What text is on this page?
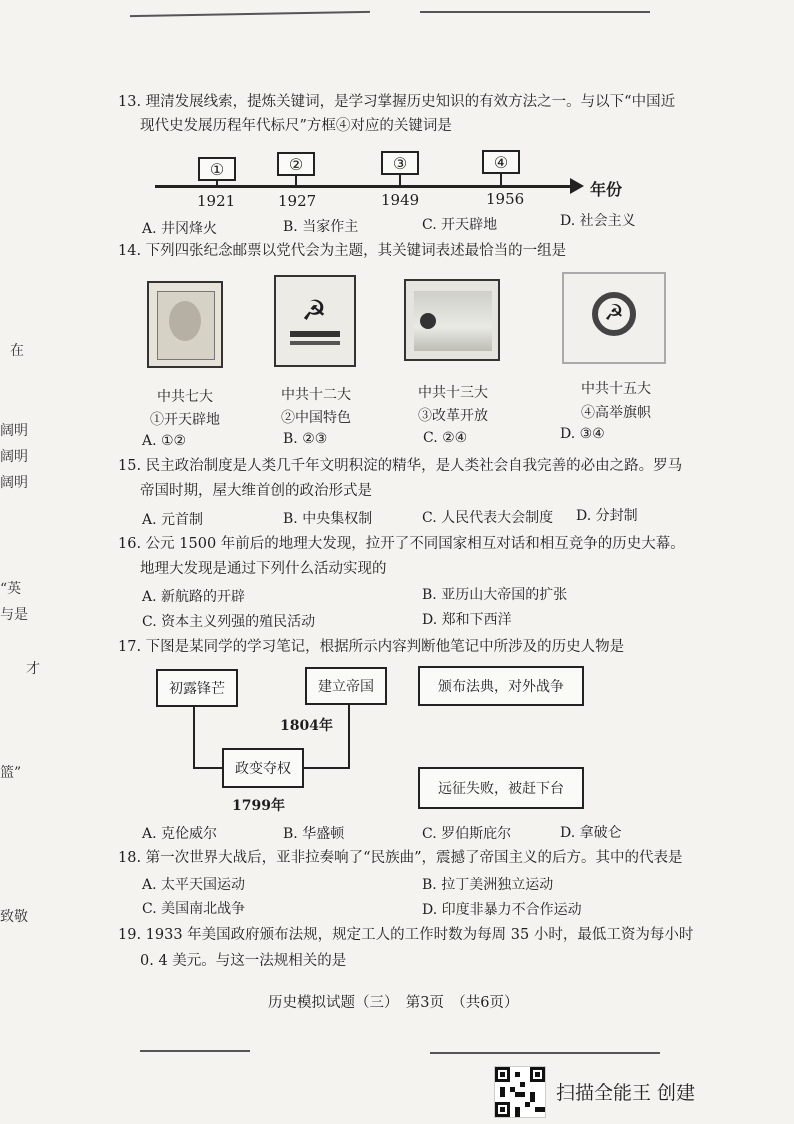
在
阔明
阔明
阔明
“英
与是
才
篮”
致敬
13. 理清发展线索，提炼关键词，是学习掌握历史知识的有效方法之一。与以下“中国近
现代史发展历程年代标尺”方框④对应的关键词是
年份
①
1921
②
1927
③
1949
④
1956
A. 井冈烽火	B. 当家作主	C. 开天辟地	D. 社会主义
14. 下列四张纪念邮票以党代会为主题，其关键词表述最恰当的一组是
☭	☭
中共七大
①开天辟地
中共十二大
②中国特色
中共十三大
③改革开放
中共十五大
④高举旗帜
A. ①②	B. ②③	C. ②④	D. ③④
15. 民主政治制度是人类几千年文明积淀的精华，是人类社会自我完善的必由之路。罗马
帝国时期，屋大维首创的政治形式是
A. 元首制	B. 中央集权制	C. 人民代表大会制度 D. 分封制
16. 公元 1500 年前后的地理大发现，拉开了不同国家相互对话和相互竞争的历史大幕。
地理大发现是通过下列什么活动实现的
A. 新航路的开辟	B. 亚历山大帝国的扩张
C. 资本主义列强的殖民活动	D. 郑和下西洋
17. 下图是某同学的学习笔记，根据所示内容判断他笔记中所涉及的历史人物是
初露锋芒	建立帝国
政变夺权
颁布法典，对外战争
远征失败，被赶下台
1804年
1799年
A. 克伦威尔	B. 华盛顿	C. 罗伯斯庇尔	D. 拿破仑
18. 第一次世界大战后，亚非拉奏响了“民族曲”，震撼了帝国主义的后方。其中的代表是
A. 太平天国运动	B. 拉丁美洲独立运动
C. 美国南北战争	D. 印度非暴力不合作运动
19. 1933 年美国政府颁布法规，规定工人的工作时数为每周 35 小时，最低工资为每小时
0. 4 美元。与这一法规相关的是
历史模拟试题（三）　第3页　（共6页）
扫描全能王 创建
